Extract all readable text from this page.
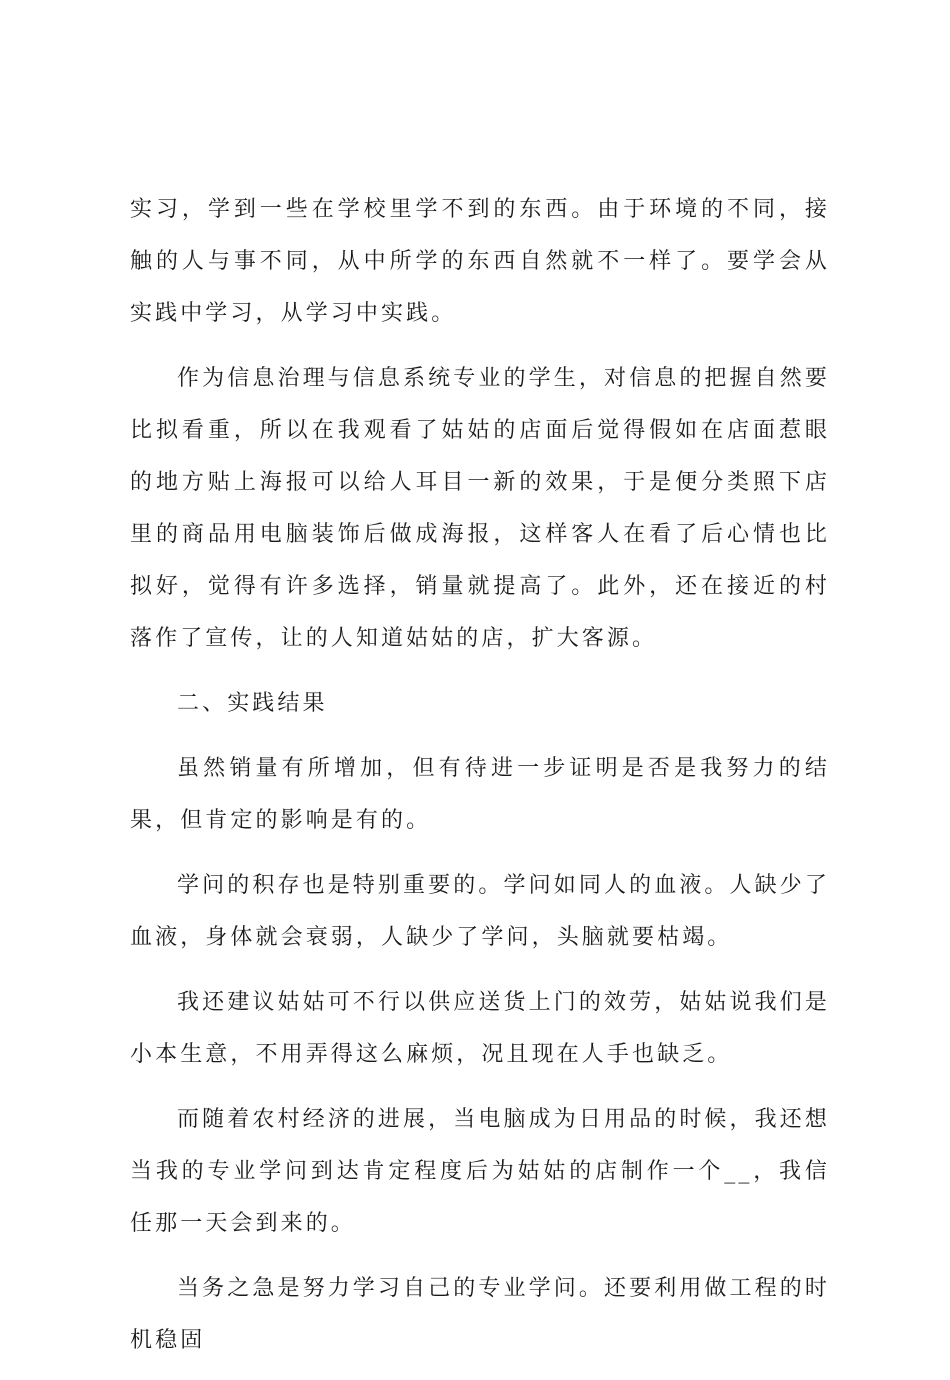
实习，学到一些在学校里学不到的东西。由于环境的不同，接触的人与事不同，从中所学的东西自然就不一样了。要学会从实践中学习，从学习中实践。

作为信息治理与信息系统专业的学生，对信息的把握自然要比拟看重，所以在我观看了姑姑的店面后觉得假如在店面惹眼的地方贴上海报可以给人耳目一新的效果，于是便分类照下店里的商品用电脑装饰后做成海报，这样客人在看了后心情也比拟好，觉得有许多选择，销量就提高了。此外，还在接近的村落作了宣传，让的人知道姑姑的店，扩大客源。

二、实践结果

虽然销量有所增加，但有待进一步证明是否是我努力的结果，但肯定的影响是有的。

学问的积存也是特别重要的。学问如同人的血液。人缺少了血液，身体就会衰弱，人缺少了学问，头脑就要枯竭。

我还建议姑姑可不行以供应送货上门的效劳，姑姑说我们是小本生意，不用弄得这么麻烦，况且现在人手也缺乏。

而随着农村经济的进展，当电脑成为日用品的时候，我还想当我的专业学问到达肯定程度后为姑姑的店制作一个__，我信任那一天会到来的。

当务之急是努力学习自己的专业学问。还要利用做工程的时机稳固
